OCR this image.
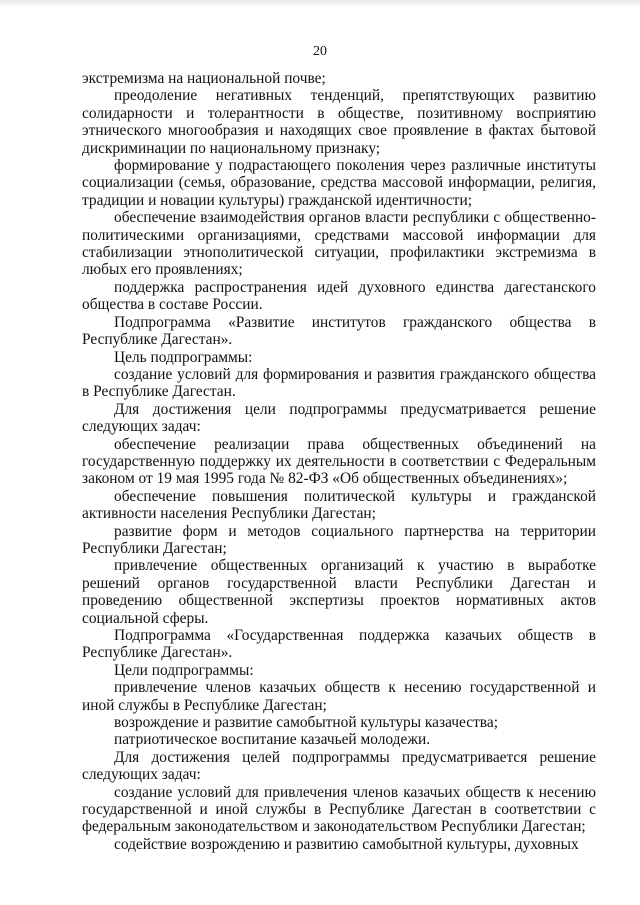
20

экстремизма на национальной почве;

преодоление негативных тенденций, препятствующих развитию солидарности и толерантности в обществе, позитивному восприятию этнического многообразия и находящих свое проявление в фактах бытовой дискриминации по национальному признаку;

формирование у подрастающего поколения через различные институты социализации (семья, образование, средства массовой информации, религия, традиции и новации культуры) гражданской идентичности;

обеспечение взаимодействия органов власти республики с общественно-политическими организациями, средствами массовой информации для стабилизации этнополитической ситуации, профилактики экстремизма в любых его проявлениях;

поддержка распространения идей духовного единства дагестанского общества в составе России.

Подпрограмма «Развитие институтов гражданского общества в Республике Дагестан».

Цель подпрограммы:

создание условий для формирования и развития гражданского общества в Республике Дагестан.

Для достижения цели подпрограммы предусматривается решение следующих задач:

обеспечение реализации права общественных объединений на государственную поддержку их деятельности в соответствии с Федеральным законом от 19 мая 1995 года № 82-ФЗ «Об общественных объединениях»;

обеспечение повышения политической культуры и гражданской активности населения Республики Дагестан;

развитие форм и методов социального партнерства на территории Республики Дагестан;

привлечение общественных организаций к участию в выработке решений органов государственной власти Республики Дагестан и проведению общественной экспертизы проектов нормативных актов социальной сферы.

Подпрограмма «Государственная поддержка казачьих обществ в Республике Дагестан».

Цели подпрограммы:

привлечение членов казачьих обществ к несению государственной и иной службы в Республике Дагестан;

возрождение и развитие самобытной культуры казачества;

патриотическое воспитание казачьей молодежи.

Для достижения целей подпрограммы предусматривается решение следующих задач:

создание условий для привлечения членов казачьих обществ к несению государственной и иной службы в Республике Дагестан в соответствии с федеральным законодательством и законодательством Республики Дагестан;

содействие возрождению и развитию самобытной культуры, духовных
